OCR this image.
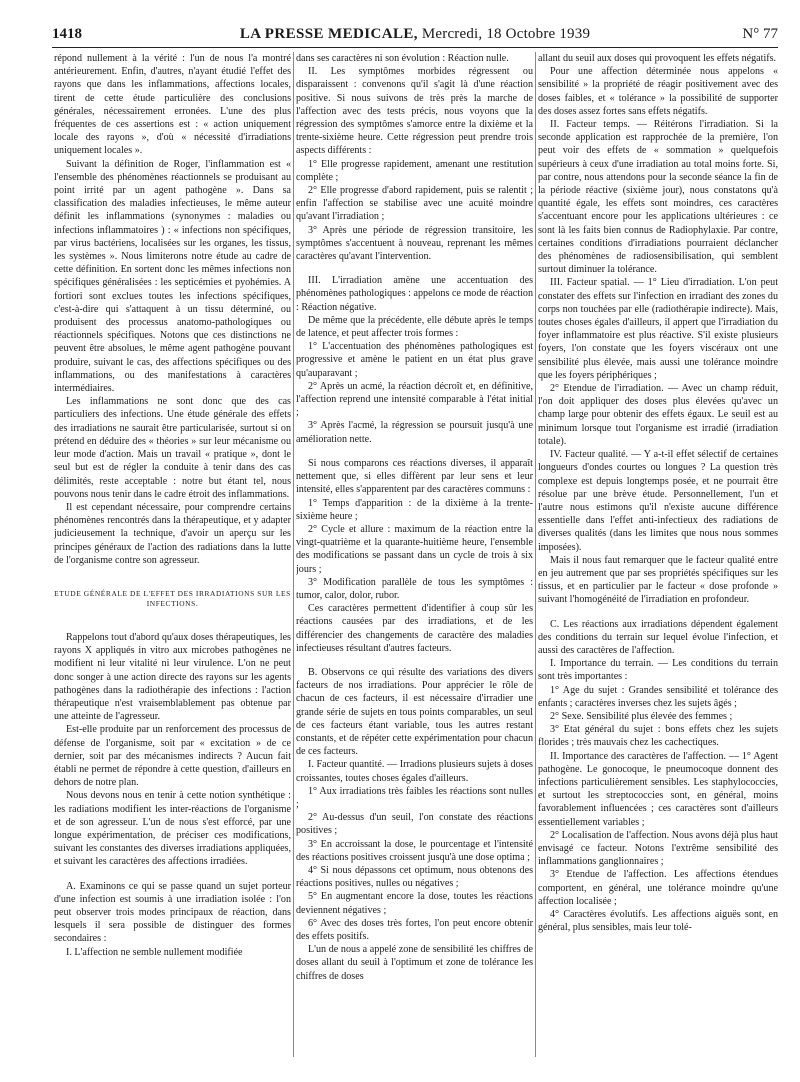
1418	LA PRESSE MEDICALE, Mercredi, 18 Octobre 1939	N° 77

répond nullement à la vérité : l'un de nous l'a montré antérieurement. Enfin, d'autres, n'ayant étudié l'effet des rayons que dans les inflammations, affections locales, tirent de cette étude particulière des conclusions générales, nécessairement erronées. L'une des plus fréquentes de ces assertions est : « action uniquement locale des rayons », d'où « nécessité d'irradiations uniquement locales ».

Suivant la définition de Roger, l'inflammation est « l'ensemble des phénomènes réactionnels se produisant au point irrité par un agent pathogène ». Dans sa classification des maladies infectieuses, le même auteur définit les inflammations (synonymes : maladies ou infections inflammatoires ) : « infections non spécifiques, par virus bactériens, localisées sur les organes, les tissus, les systèmes ». Nous limiterons notre étude au cadre de cette définition. En sortent donc les mêmes infections non spécifiques généralisées : les septicémies et pyohémies. A fortiori sont exclues toutes les infections spécifiques, c'est-à-dire qui s'attaquent à un tissu déterminé, ou produisent des processus anatomo-pathologiques ou réactionnels spécifiques. Notons que ces distinctions ne peuvent être absolues, le même agent pathogène pouvant produire, suivant le cas, des affections spécifiques ou des inflammations, ou des manifestations à caractères intermédiaires.

Les inflammations ne sont donc que des cas particuliers des infections. Une étude générale des effets des irradiations ne saurait être particularisée, surtout si on prétend en déduire des « théories » sur leur mécanisme ou leur mode d'action. Mais un travail « pratique », dont le seul but est de régler la conduite à tenir dans des cas délimités, reste acceptable : notre but étant tel, nous pouvons nous tenir dans le cadre étroit des inflammations.

Il est cependant nécessaire, pour comprendre certains phénomènes rencontrés dans la thérapeutique, et y adapter judicieusement la technique, d'avoir un aperçu sur les principes généraux de l'action des radiations dans la lutte de l'organisme contre son agresseur.

ETUDE GÉNÉRALE DE L'EFFET DES IRRADIATIONS SUR LES INFECTIONS.

Rappelons tout d'abord qu'aux doses thérapeutiques, les rayons X appliqués in vitro aux microbes pathogènes ne modifient ni leur vitalité ni leur virulence. L'on ne peut donc songer à une action directe des rayons sur les agents pathogènes dans la radiothérapie des infections : l'action thérapeutique n'est vraisemblablement pas obtenue par une atteinte de l'agresseur.

Est-elle produite par un renforcement des processus de défense de l'organisme, soit par « excitation » de ce dernier, soit par des mécanismes indirects ? Aucun fait établi ne permet de répondre à cette question, d'ailleurs en dehors de notre plan.

Nous devons nous en tenir à cette notion synthétique : les radiations modifient les inter-réactions de l'organisme et de son agresseur. L'un de nous s'est efforcé, par une longue expérimentation, de préciser ces modifications, suivant les constantes des diverses irradiations appliquées, et suivant les caractères des affections irradiées.

A. Examinons ce qui se passe quand un sujet porteur d'une infection est soumis à une irradiation isolée : l'on peut observer trois modes principaux de réaction, dans lesquels il sera possible de distinguer des formes secondaires :

I. L'affection ne semble nullement modifiée

dans ses caractères ni son évolution : Réaction nulle.

II. Les symptômes morbides régressent ou disparaissent : convenons qu'il s'agit là d'une réaction positive. Si nous suivons de très près la marche de l'affection avec des tests précis, nous voyons que la régression des symptômes s'amorce entre la dixième et la trente-sixième heure. Cette régression peut prendre trois aspects différents :

1° Elle progresse rapidement, amenant une restitution complète ;

2° Elle progresse d'abord rapidement, puis se ralentit ; enfin l'affection se stabilise avec une acuité moindre qu'avant l'irradiation ;

3° Après une période de régression transitoire, les symptômes s'accentuent à nouveau, reprenant les mêmes caractères qu'avant l'intervention.

III. L'irradiation amène une accentuation des phénomènes pathologiques : appelons ce mode de réaction : Réaction négative.

De même que la précédente, elle débute après le temps de latence, et peut affecter trois formes :

1° L'accentuation des phénomènes pathologiques est progressive et amène le patient en un état plus grave qu'auparavant ;

2° Après un acmé, la réaction décroît et, en définitive, l'affection reprend une intensité comparable à l'état initial ;

3° Après l'acmé, la régression se poursuit jusqu'à une amélioration nette.

Si nous comparons ces réactions diverses, il apparaît nettement que, si elles diffèrent par leur sens et leur intensité, elles s'apparentent par des caractères communs :

1° Temps d'apparition : de la dixième à la trente-sixième heure ;

2° Cycle et allure : maximum de la réaction entre la vingt-quatrième et la quarante-huitième heure, l'ensemble des modifications se passant dans un cycle de trois à six jours ;

3° Modification parallèle de tous les symptômes : tumor, calor, dolor, rubor.

Ces caractères permettent d'identifier à coup sûr les réactions causées par des irradiations, et de les différencier des changements de caractère des maladies infectieuses résultant d'autres facteurs.

B. Observons ce qui résulte des variations des divers facteurs de nos irradiations. Pour apprécier le rôle de chacun de ces facteurs, il est nécessaire d'irradier une grande série de sujets en tous points comparables, un seul de ces facteurs étant variable, tous les autres restant constants, et de répéter cette expérimentation pour chacun de ces facteurs.

I. Facteur quantité. — Irradions plusieurs sujets à doses croissantes, toutes choses égales d'ailleurs.

1° Aux irradiations très faibles les réactions sont nulles ;

2° Au-dessus d'un seuil, l'on constate des réactions positives ;

3° En accroissant la dose, le pourcentage et l'intensité des réactions positives croissent jusqu'à une dose optima ;

4° Si nous dépassons cet optimum, nous obtenons des réactions positives, nulles ou négatives ;

5° En augmentant encore la dose, toutes les réactions deviennent négatives ;

6° Avec des doses très fortes, l'on peut encore obtenir des effets positifs.

L'un de nous a appelé zone de sensibilité les chiffres de doses allant du seuil à l'optimum et zone de tolérance les chiffres de doses

allant du seuil aux doses qui provoquent les effets négatifs.

Pour une affection déterminée nous appelons « sensibilité » la propriété de réagir positivement avec des doses faibles, et « tolérance » la possibilité de supporter des doses assez fortes sans effets négatifs.

II. Facteur temps. — Réitérons l'irradiation. Si la seconde application est rapprochée de la première, l'on peut voir des effets de « sommation » quelquefois supérieurs à ceux d'une irradiation au total moins forte. Si, par contre, nous attendons pour la seconde séance la fin de la période réactive (sixième jour), nous constatons qu'à quantité égale, les effets sont moindres, ces caractères s'accentuant encore pour les applications ultérieures : ce sont là les faits bien connus de Radiophylaxie. Par contre, certaines conditions d'irradiations pourraient déclancher des phénomènes de radiosensibilisation, qui semblent surtout diminuer la tolérance.

III. Facteur spatial. — 1° Lieu d'irradiation. L'on peut constater des effets sur l'infection en irradiant des zones du corps non touchées par elle (radiothérapie indirecte). Mais, toutes choses égales d'ailleurs, il appert que l'irradiation du foyer inflammatoire est plus réactive. S'il existe plusieurs foyers, l'on constate que les foyers viscéraux ont une sensibilité plus élevée, mais aussi une tolérance moindre que les foyers périphériques ;

2° Etendue de l'irradiation. — Avec un champ réduit, l'on doit appliquer des doses plus élevées qu'avec un champ large pour obtenir des effets égaux. Le seuil est au minimum lorsque tout l'organisme est irradié (irradiation totale).

IV. Facteur qualité. — Y a-t-il effet sélectif de certaines longueurs d'ondes courtes ou longues ? La question très complexe est depuis longtemps posée, et ne pourrait être résolue par une brève étude. Personnellement, l'un et l'autre nous estimons qu'il n'existe aucune différence essentielle dans l'effet anti-infectieux des radiations de diverses qualités (dans les limites que nous nous sommes imposées).

Mais il nous faut remarquer que le facteur qualité entre en jeu autrement que par ses propriétés spécifiques sur les tissus, et en particulier par le facteur « dose profonde » suivant l'homogénéité de l'irradiation en profondeur.

C. Les réactions aux irradiations dépendent également des conditions du terrain sur lequel évolue l'infection, et aussi des caractères de l'affection.

I. Importance du terrain. — Les conditions du terrain sont très importantes :

1° Age du sujet : Grandes sensibilité et tolérance des enfants ; caractères inverses chez les sujets âgés ;

2° Sexe. Sensibilité plus élevée des femmes ;

3° Etat général du sujet : bons effets chez les sujets florides ; très mauvais chez les cachectiques.

II. Importance des caractères de l'affection. — 1° Agent pathogène. Le gonocoque, le pneumocoque donnent des infections particulièrement sensibles. Les staphylococcies, et surtout les streptococcies sont, en général, moins favorablement influencées ; ces caractères sont d'ailleurs essentiellement variables ;

2° Localisation de l'affection. Nous avons déjà plus haut envisagé ce facteur. Notons l'extrême sensibilité des inflammations ganglionnaires ;

3° Etendue de l'affection. Les affections étendues comportent, en général, une tolérance moindre qu'une affection localisée ;

4° Caractères évolutifs. Les affections aiguës sont, en général, plus sensibles, mais leur tolé-
